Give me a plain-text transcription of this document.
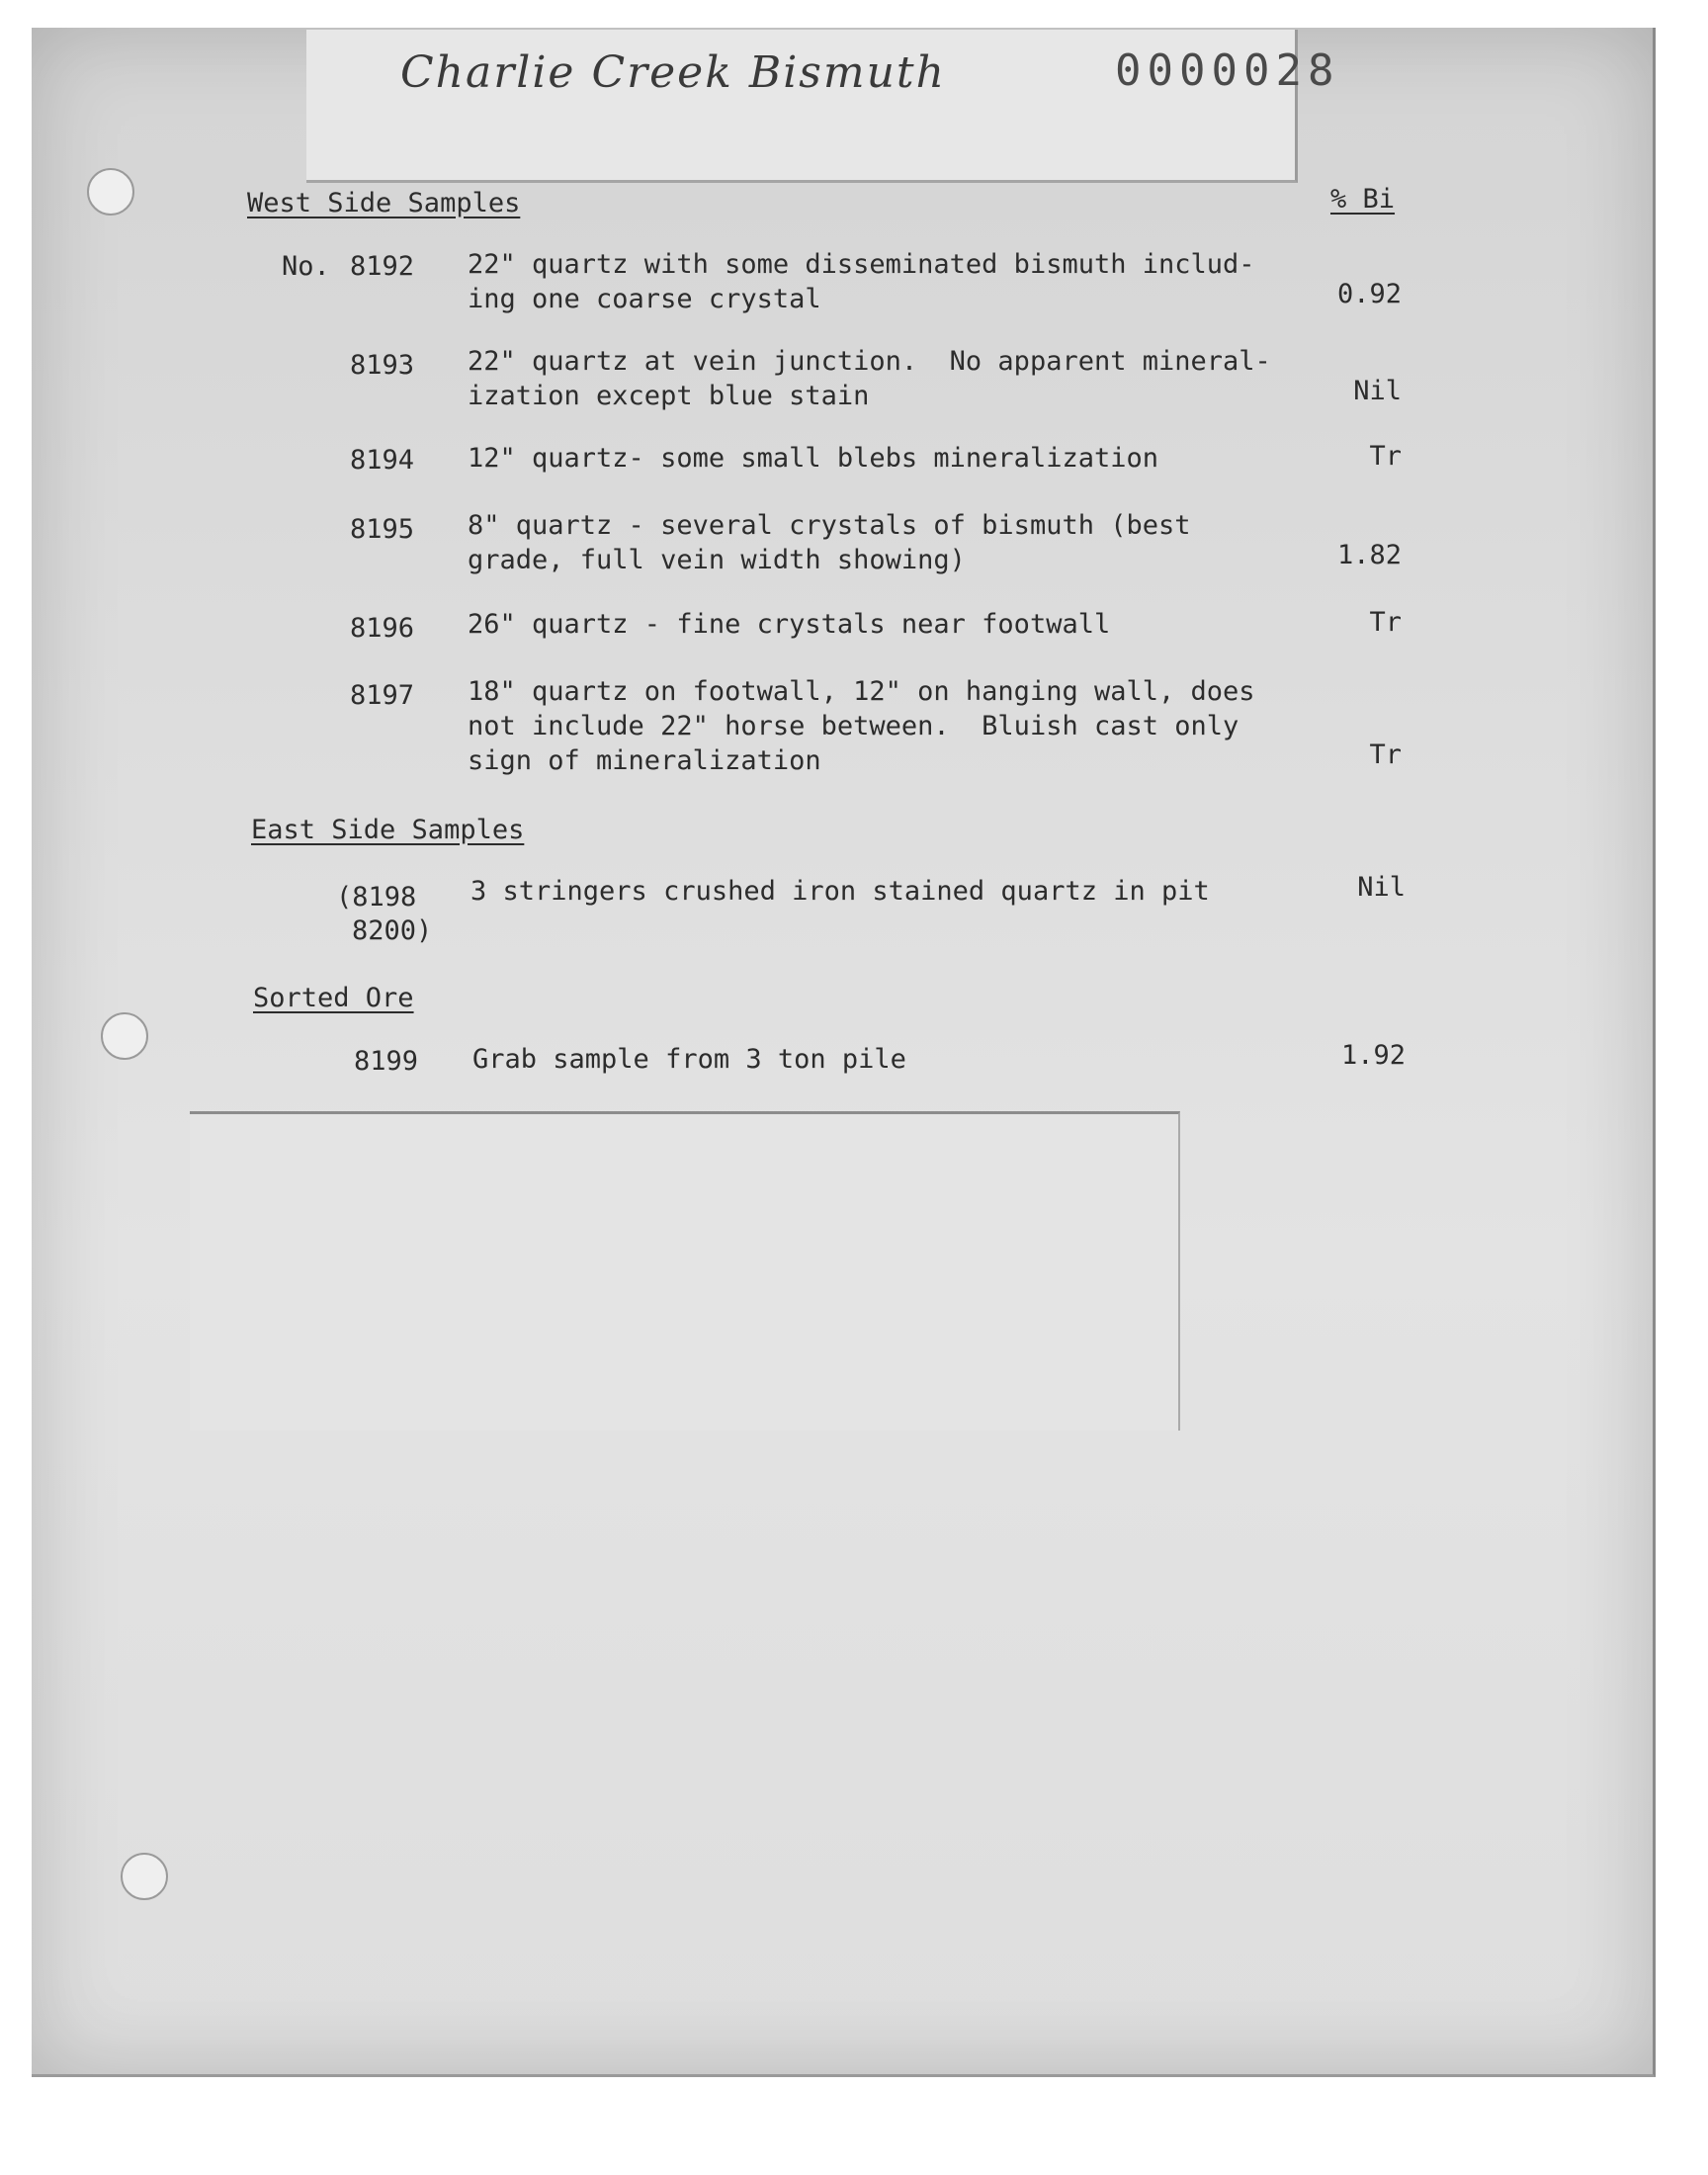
Charlie Creek Bismuth	0000028
West Side Samples	% Bi
No. 8192 22" quartz with some disseminated bismuth includ-
ing one coarse crystal	0.92
8193 22" quartz at vein junction.  No apparent mineral-
ization except blue stain	Nil
8194 12" quartz- some small blebs mineralization	Tr
8195 8" quartz - several crystals of bismuth (best
grade, full vein width showing)	1.82
8196 26" quartz - fine crystals near footwall	Tr
8197 18" quartz on footwall, 12" on hanging wall, does
not include 22" horse between.  Bluish cast only
sign of mineralization	Tr
East Side Samples
(8198
8200)
3 stringers crushed iron stained quartz in pit	Nil
Sorted Ore
8199 Grab sample from 3 ton pile	1.92
